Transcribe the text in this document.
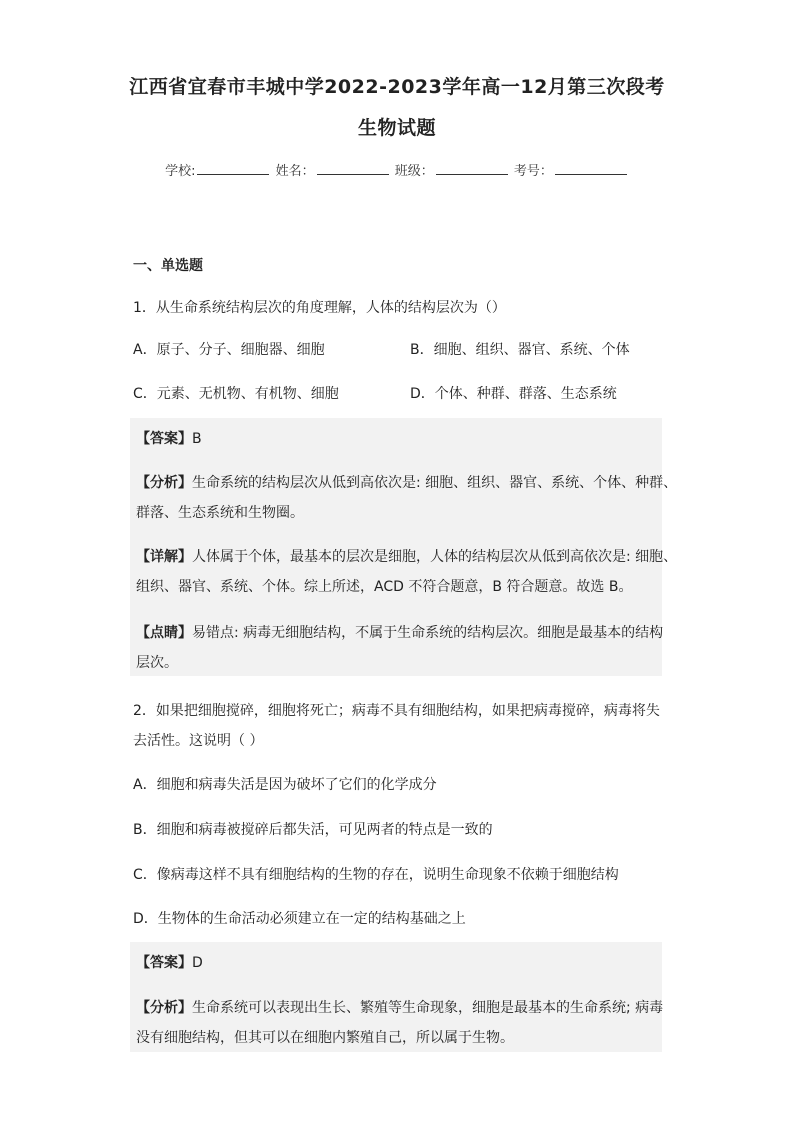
江西省宜春市丰城中学2022-2023学年高一12月第三次段考
生物试题
学校:	姓名：	班级：	考号：
一、单选题
1．从生命系统结构层次的角度理解，人体的结构层次为（）
A．原子、分子、细胞器、细胞	B．细胞、组织、器官、系统、个体
C．元素、无机物、有机物、细胞	D．个体、种群、群落、生态系统
【答案】B
【分析】生命系统的结构层次从低到高依次是: 细胞、组织、器官、系统、个体、种群、
群落、生态系统和生物圈。
【详解】人体属于个体，最基本的层次是细胞，人体的结构层次从低到高依次是: 细胞、
组织、器官、系统、个体。综上所述，ACD 不符合题意，B 符合题意。故选 B。
【点睛】易错点: 病毒无细胞结构，不属于生命系统的结构层次。细胞是最基本的结构
层次。
2．如果把细胞搅碎，细胞将死亡；病毒不具有细胞结构，如果把病毒搅碎，病毒将失
去活性。这说明（ ）
A．细胞和病毒失活是因为破坏了它们的化学成分
B．细胞和病毒被搅碎后都失活，可见两者的特点是一致的
C．像病毒这样不具有细胞结构的生物的存在，说明生命现象不依赖于细胞结构
D．生物体的生命活动必须建立在一定的结构基础之上
【答案】D
【分析】生命系统可以表现出生长、繁殖等生命现象，细胞是最基本的生命系统; 病毒
没有细胞结构，但其可以在细胞内繁殖自己，所以属于生物。
